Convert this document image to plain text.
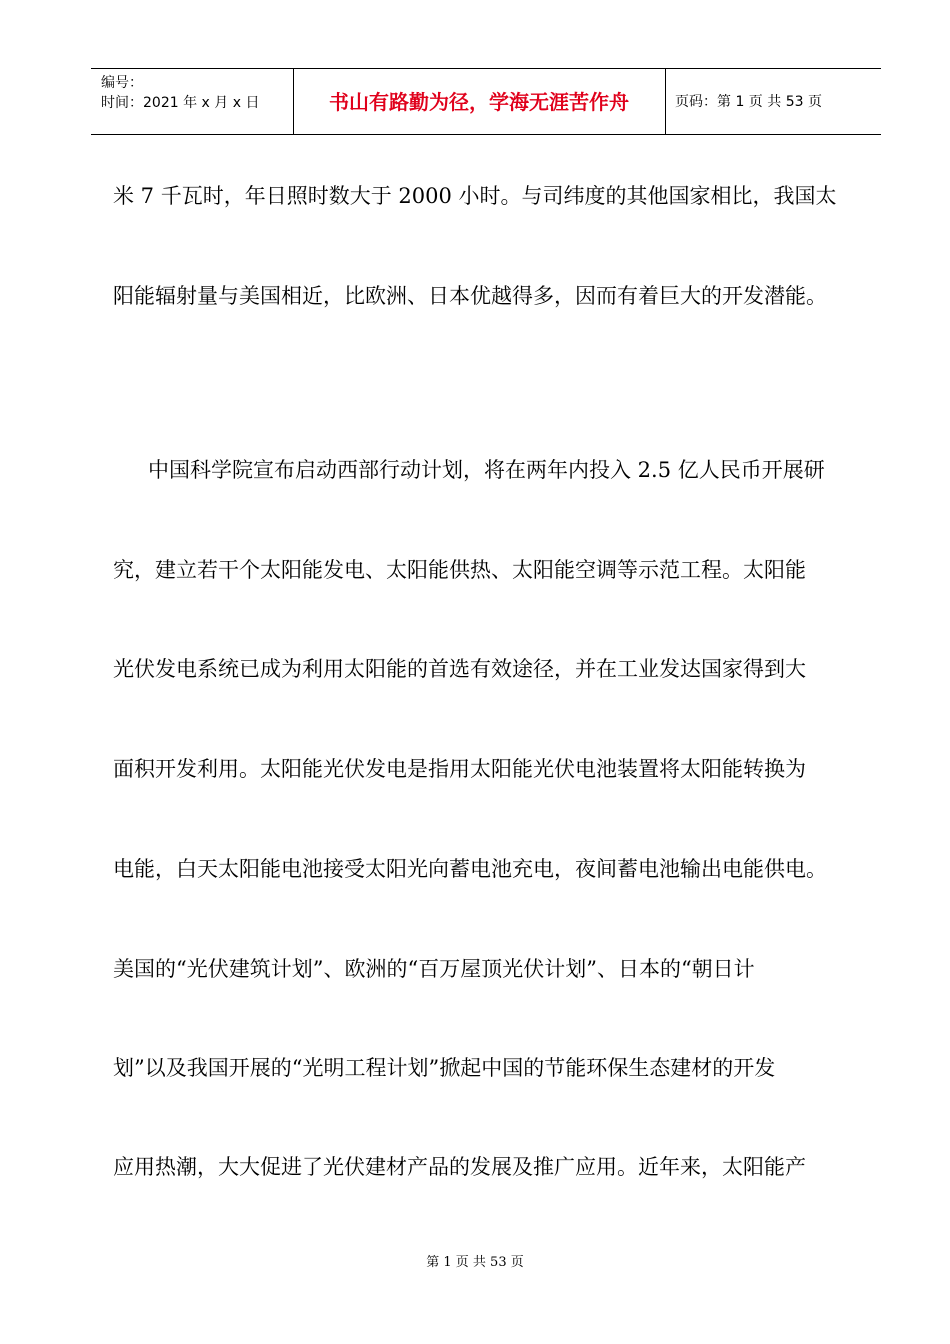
编号：
时间：2021 年 x 月 x 日	书山有路勤为径，学海无涯苦作舟	页码：第 1 页 共 53 页
米 7 千瓦时，年日照时数大于 2000 小时。与司纬度的其他国家相比，我国太
阳能辐射量与美国相近，比欧洲、日本优越得多，因而有着巨大的开发潜能。
中国科学院宣布启动西部行动计划，将在两年内投入 2.5 亿人民币开展研
究，建立若干个太阳能发电、太阳能供热、太阳能空调等示范工程。太阳能
光伏发电系统已成为利用太阳能的首选有效途径，并在工业发达国家得到大
面积开发利用。太阳能光伏发电是指用太阳能光伏电池装置将太阳能转换为
电能，白天太阳能电池接受太阳光向蓄电池充电，夜间蓄电池输出电能供电。
美国的“光伏建筑计划”、欧洲的“百万屋顶光伏计划”、日本的“朝日计
划”以及我国开展的“光明工程计划”掀起中国的节能环保生态建材的开发
应用热潮，大大促进了光伏建材产品的发展及推广应用。近年来，太阳能产
第 1 页 共 53 页
